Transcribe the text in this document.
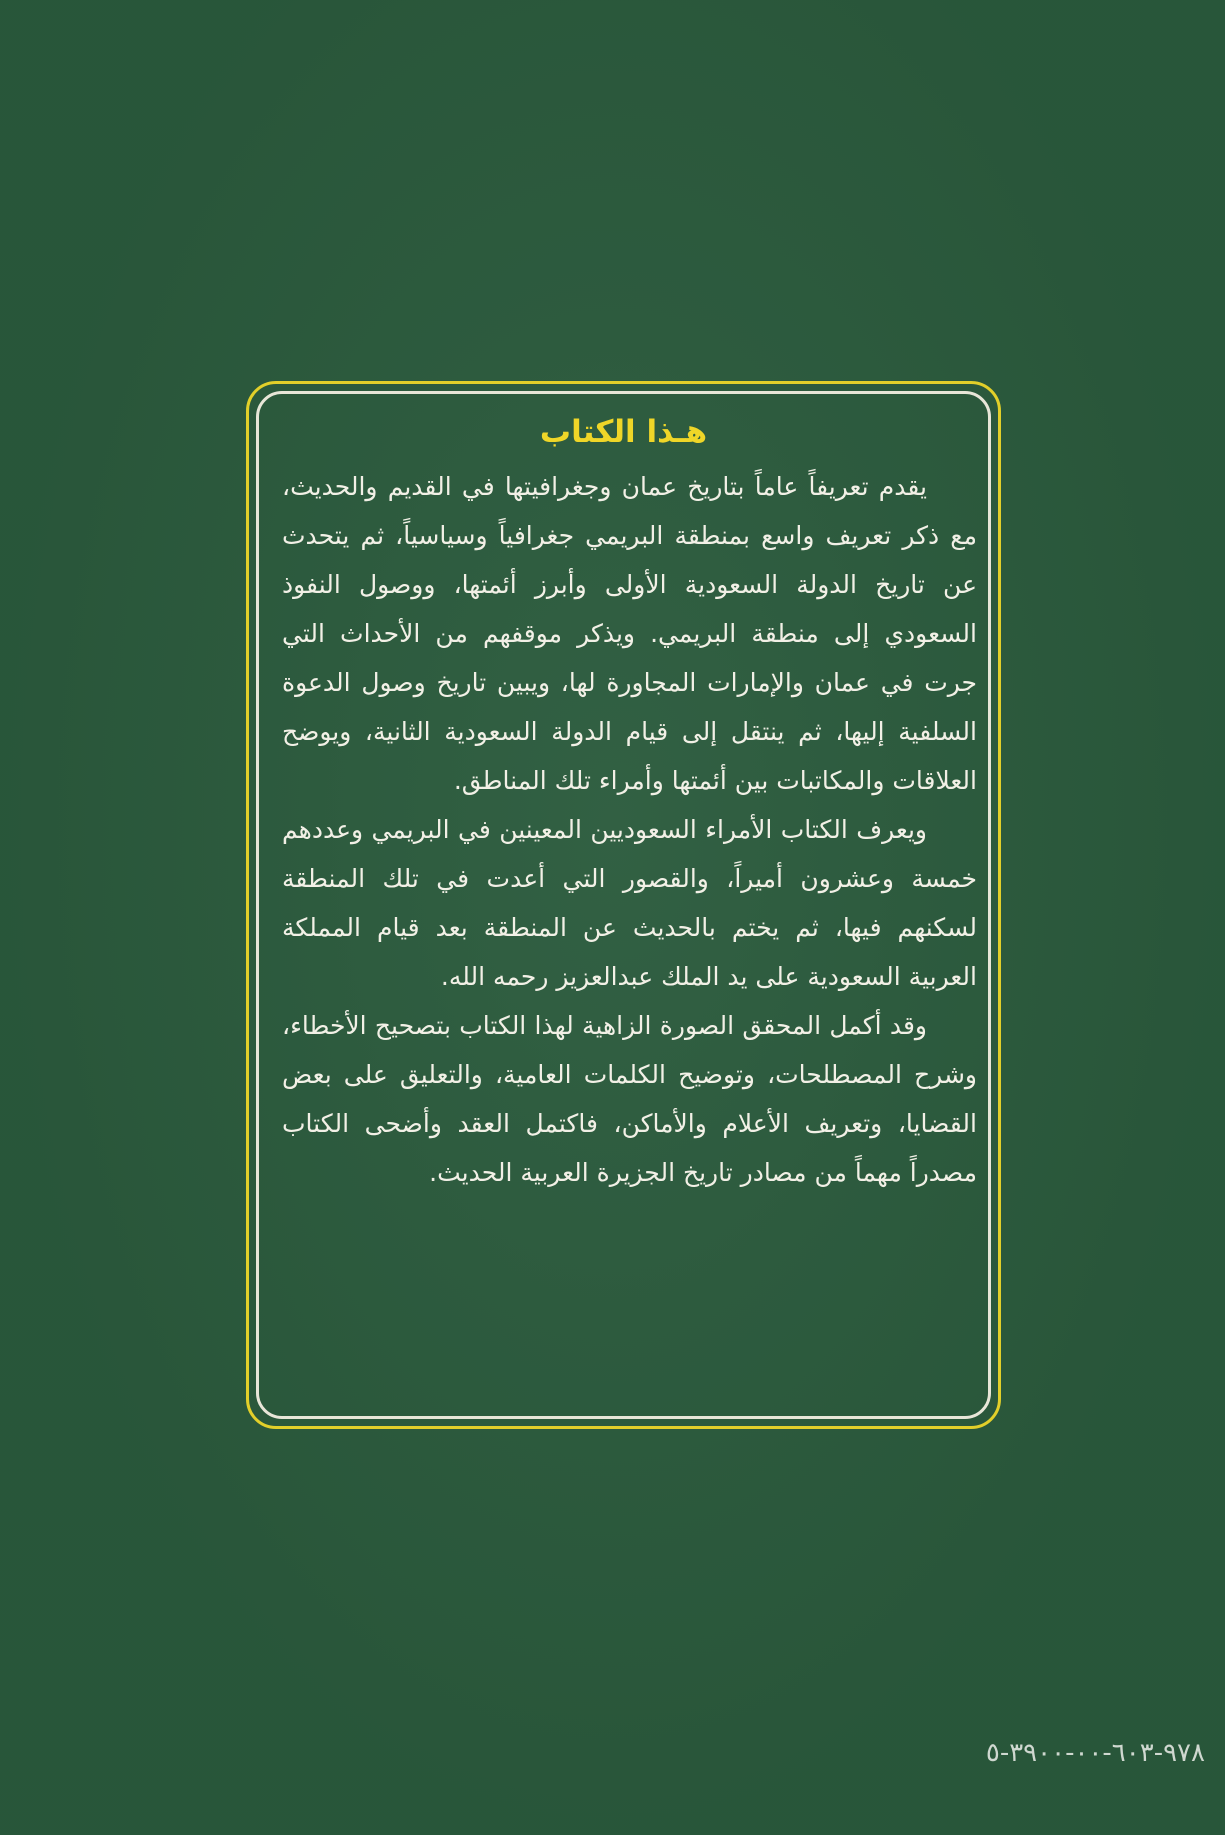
هـذا الكتاب

يقدم تعريفاً عاماً بتاريخ عمان وجغرافيتها في القديم والحديث، مع ذكر تعريف واسع بمنطقة البريمي جغرافياً وسياسياً، ثم يتحدث عن تاريخ الدولة السعودية الأولى وأبرز أئمتها، ووصول النفوذ السعودي إلى منطقة البريمي. ويذكر موقفهم من الأحداث التي جرت في عمان والإمارات المجاورة لها، ويبين تاريخ وصول الدعوة السلفية إليها، ثم ينتقل إلى قيام الدولة السعودية الثانية، ويوضح العلاقات والمكاتبات بين أئمتها وأمراء تلك المناطق.

ويعرف الكتاب الأمراء السعوديين المعينين في البريمي وعددهم خمسة وعشرون أميراً، والقصور التي أعدت في تلك المنطقة لسكنهم فيها، ثم يختم بالحديث عن المنطقة بعد قيام المملكة العربية السعودية على يد الملك عبدالعزيز رحمه الله.

وقد أكمل المحقق الصورة الزاهية لهذا الكتاب بتصحيح الأخطاء، وشرح المصطلحات، وتوضيح الكلمات العامية، والتعليق على بعض القضايا، وتعريف الأعلام والأماكن، فاكتمل العقد وأضحى الكتاب مصدراً مهماً من مصادر تاريخ الجزيرة العربية الحديث.

٩٧٨-٦٠٣-٠٠-٣٩٠٠-٥
